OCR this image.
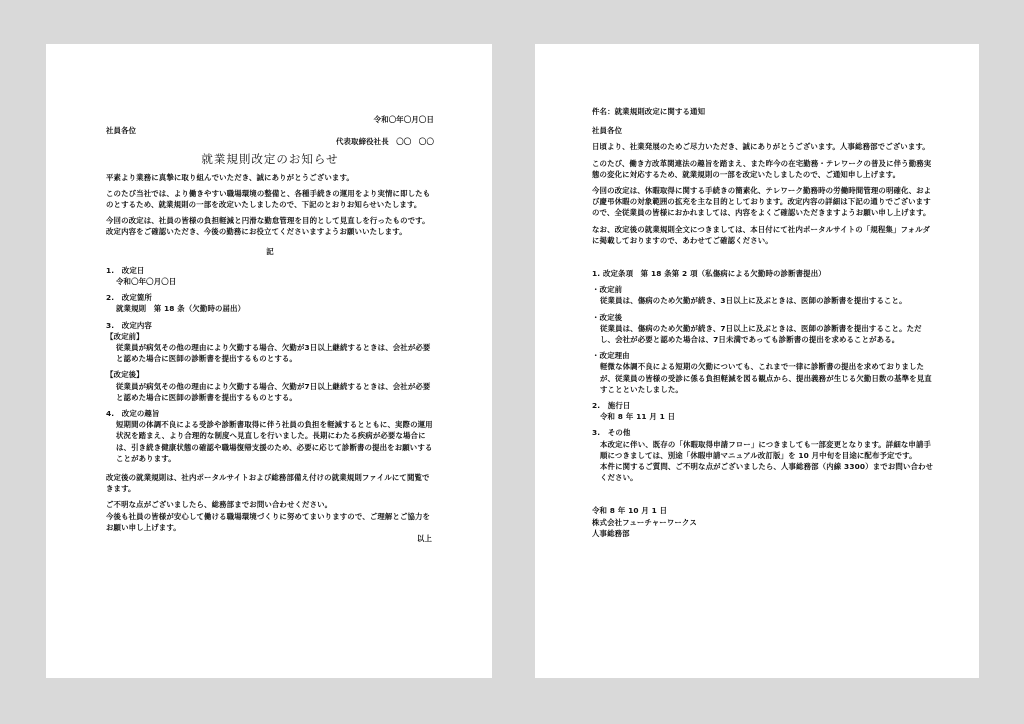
令和〇年〇月〇日

社員各位

代表取締役社長　〇〇　〇〇

就業規則改定のお知らせ

平素より業務に真摯に取り組んでいただき、誠にありがとうございます。

このたび当社では、より働きやすい職場環境の整備と、各種手続きの運用をより実情に即したものとするため、就業規則の一部を改定いたしましたので、下記のとおりお知らせいたします。

今回の改定は、社員の皆様の負担軽減と円滑な勤怠管理を目的として見直しを行ったものです。改定内容をご確認いただき、今後の勤務にお役立てくださいますようお願いいたします。

記

1.　改定日

令和〇年〇月〇日

2.　改定箇所

就業規則　第 18 条（欠勤時の届出）

3.　改定内容

【改定前】

従業員が病気その他の理由により欠勤する場合、欠勤が3日以上継続するときは、会社が必要と認めた場合に医師の診断書を提出するものとする。

【改定後】

従業員が病気その他の理由により欠勤する場合、欠勤が7日以上継続するときは、会社が必要と認めた場合に医師の診断書を提出するものとする。

4.　改定の趣旨

短期間の体調不良による受診や診断書取得に伴う社員の負担を軽減するとともに、実際の運用状況を踏まえ、より合理的な制度へ見直しを行いました。長期にわたる疾病が必要な場合には、引き続き健康状態の確認や職場復帰支援のため、必要に応じて診断書の提出をお願いすることがあります。

改定後の就業規則は、社内ポータルサイトおよび総務部備え付けの就業規則ファイルにて閲覧できます。

ご不明な点がございましたら、総務部までお問い合わせください。

今後も社員の皆様が安心して働ける職場環境づくりに努めてまいりますので、ご理解とご協力をお願い申し上げます。

以上

件名：就業規則改定に関する通知

社員各位

日頃より、社業発展のためご尽力いただき、誠にありがとうございます。人事総務部でございます。

このたび、働き方改革関連法の趣旨を踏まえ、また昨今の在宅勤務・テレワークの普及に伴う勤務実態の変化に対応するため、就業規則の一部を改定いたしましたので、ご通知申し上げます。

今回の改定は、休暇取得に関する手続きの簡素化、テレワーク勤務時の労働時間管理の明確化、および慶弔休暇の対象範囲の拡充を主な目的としております。改定内容の詳細は下記の通りでございますので、全従業員の皆様におかれましては、内容をよくご確認いただきますようお願い申し上げます。

なお、改定後の就業規則全文につきましては、本日付にて社内ポータルサイトの「規程集」フォルダに掲載しておりますので、あわせてご確認ください。

1. 改定条項　第 18 条第 2 項（私傷病による欠勤時の診断書提出）

・改定前

従業員は、傷病のため欠勤が続き、3日以上に及ぶときは、医師の診断書を提出すること。

・改定後

従業員は、傷病のため欠勤が続き、7日以上に及ぶときは、医師の診断書を提出すること。ただし、会社が必要と認めた場合は、7日未満であっても診断書の提出を求めることがある。

・改定理由

軽微な体調不良による短期の欠勤についても、これまで一律に診断書の提出を求めておりましたが、従業員の皆様の受診に係る負担軽減を図る観点から、提出義務が生じる欠勤日数の基準を見直すことといたしました。

2.　施行日

令和 8 年 11 月 1 日

3.　その他

本改定に伴い、既存の「休暇取得申請フロー」につきましても一部変更となります。詳細な申請手順につきましては、別途「休暇申請マニュアル改訂版」を 10 月中旬を目途に配布予定です。

本件に関するご質問、ご不明な点がございましたら、人事総務部（内線 3300）までお問い合わせください。

令和 8 年 10 月 1 日

株式会社フューチャーワークス

人事総務部
